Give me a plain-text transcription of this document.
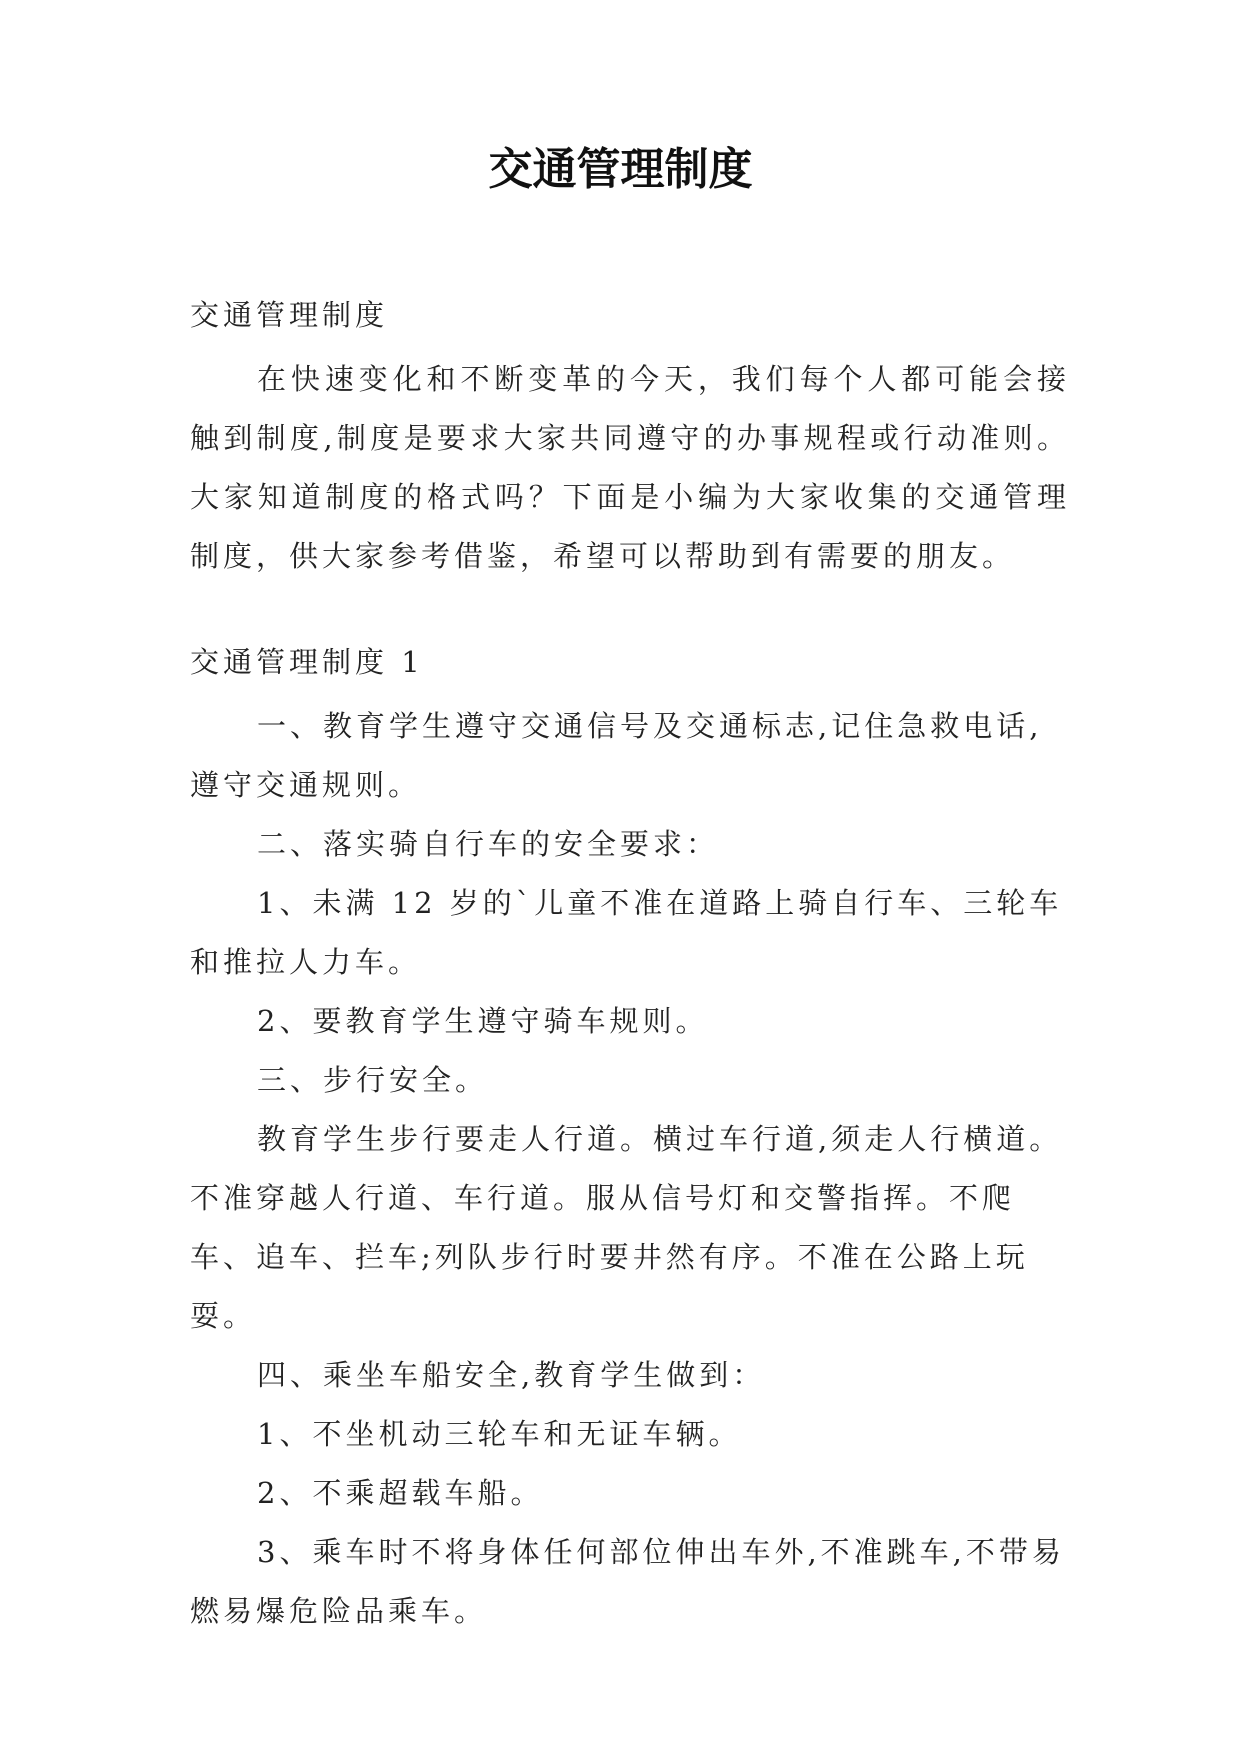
交通管理制度
交通管理制度
在快速变化和不断变革的今天，我们每个人都可能会接触到制度,制度是要求大家共同遵守的办事规程或行动准则。大家知道制度的格式吗？下面是小编为大家收集的交通管理制度，供大家参考借鉴，希望可以帮助到有需要的朋友。
交通管理制度 1

一、教育学生遵守交通信号及交通标志,记住急救电话,遵守交通规则。

二、落实骑自行车的安全要求：

1、未满 12 岁的`儿童不准在道路上骑自行车、三轮车和推拉人力车。

2、要教育学生遵守骑车规则。

三、步行安全。

教育学生步行要走人行道。横过车行道,须走人行横道。不准穿越人行道、车行道。服从信号灯和交警指挥。不爬车、追车、拦车;列队步行时要井然有序。不准在公路上玩耍。

四、乘坐车船安全,教育学生做到：

1、不坐机动三轮车和无证车辆。

2、不乘超载车船。

3、乘车时不将身体任何部位伸出车外,不准跳车,不带易燃易爆危险品乘车。
